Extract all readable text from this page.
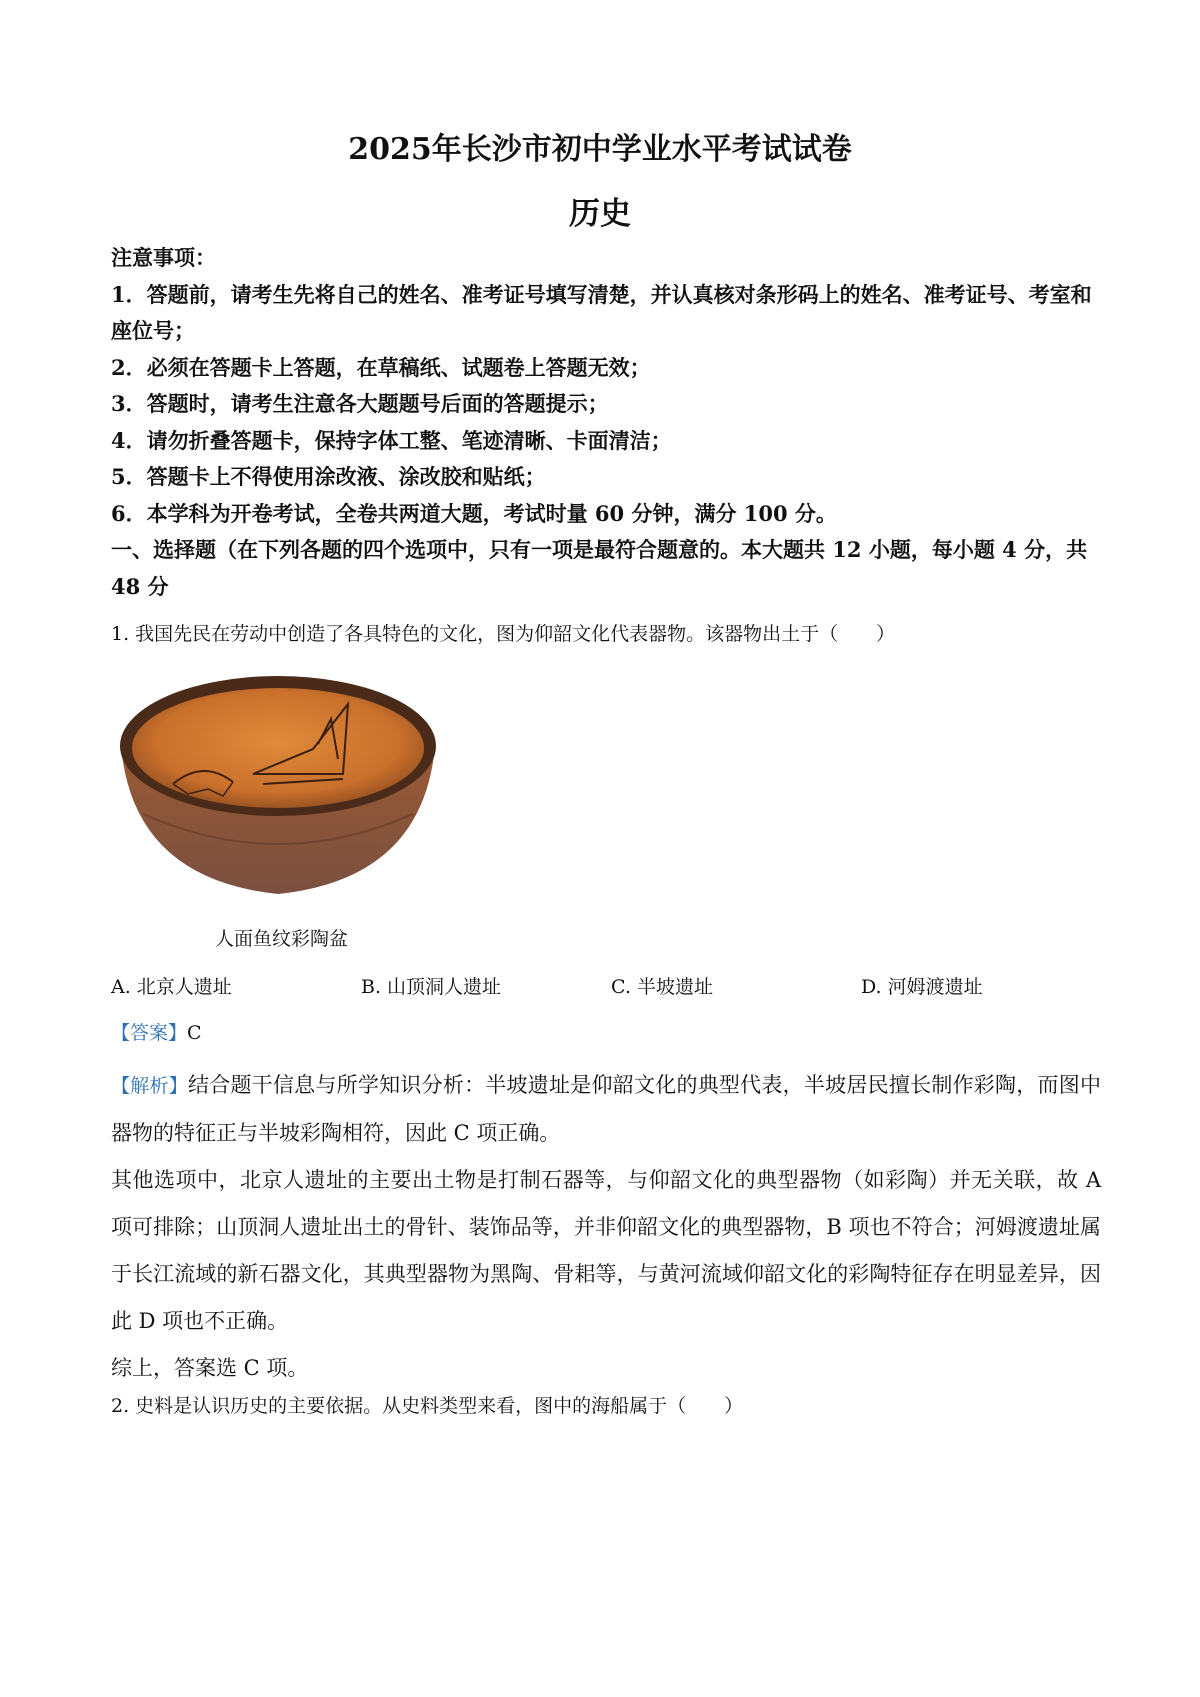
2025年长沙市初中学业水平考试试卷
历史
注意事项：
1．答题前，请考生先将自己的姓名、准考证号填写清楚，并认真核对条形码上的姓名、准考证号、考室和座位号；
2．必须在答题卡上答题，在草稿纸、试题卷上答题无效；
3．答题时，请考生注意各大题题号后面的答题提示；
4．请勿折叠答题卡，保持字体工整、笔迹清晰、卡面清洁；
5．答题卡上不得使用涂改液、涂改胶和贴纸；
6．本学科为开卷考试，全卷共两道大题，考试时量 60 分钟，满分 100 分。
一、选择题（在下列各题的四个选项中，只有一项是最符合题意的。本大题共 12 小题，每小题 4 分，共 48 分
1. 我国先民在劳动中创造了各具特色的文化，图为仰韶文化代表器物。该器物出土于（　　）
人面鱼纹彩陶盆
A. 北京人遗址	B. 山顶洞人遗址	C. 半坡遗址	D. 河姆渡遗址
【答案】C

【解析】结合题干信息与所学知识分析：半坡遗址是仰韶文化的典型代表，半坡居民擅长制作彩陶，而图中器物的特征正与半坡彩陶相符，因此 C 项正确。

其他选项中，北京人遗址的主要出土物是打制石器等，与仰韶文化的典型器物（如彩陶）并无关联，故 A 项可排除；山顶洞人遗址出土的骨针、装饰品等，并非仰韶文化的典型器物，B 项也不符合；河姆渡遗址属于长江流域的新石器文化，其典型器物为黑陶、骨耜等，与黄河流域仰韶文化的彩陶特征存在明显差异，因此 D 项也不正确。

综上，答案选 C 项。

2. 史料是认识历史的主要依据。从史料类型来看，图中的海船属于（　　）
